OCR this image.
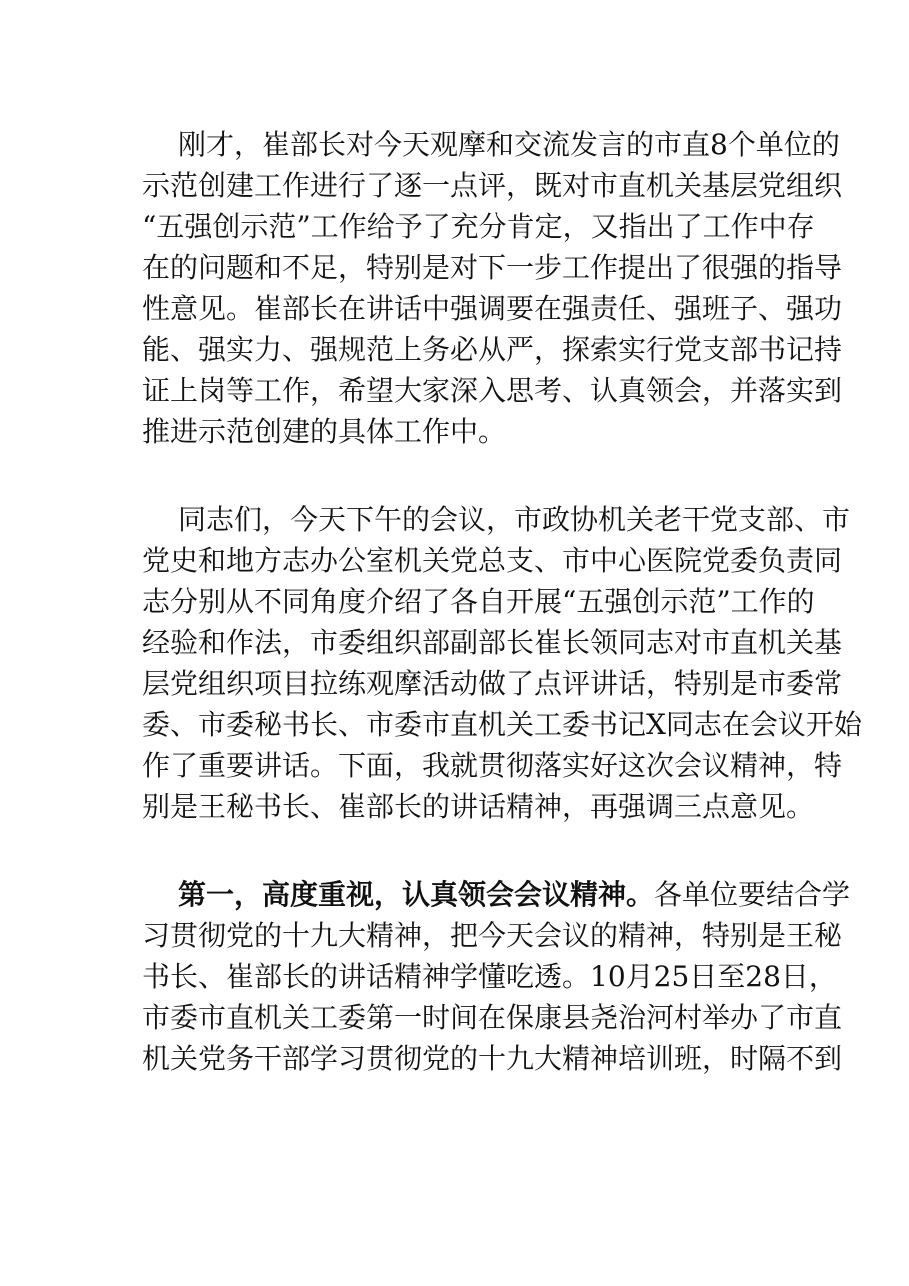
刚才，崔部长对今天观摩和交流发言的市直8个单位的
示范创建工作进行了逐一点评，既对市直机关基层党组织
“五强创示范”工作给予了充分肯定，又指出了工作中存
在的问题和不足，特别是对下一步工作提出了很强的指导
性意见。崔部长在讲话中强调要在强责任、强班子、强功
能、强实力、强规范上务必从严，探索实行党支部书记持
证上岗等工作，希望大家深入思考、认真领会，并落实到
推进示范创建的具体工作中。
同志们，今天下午的会议，市政协机关老干党支部、市
党史和地方志办公室机关党总支、市中心医院党委负责同
志分别从不同角度介绍了各自开展“五强创示范”工作的
经验和作法，市委组织部副部长崔长领同志对市直机关基
层党组织项目拉练观摩活动做了点评讲话，特别是市委常
委、市委秘书长、市委市直机关工委书记X同志在会议开始
作了重要讲话。下面，我就贯彻落实好这次会议精神，特
别是王秘书长、崔部长的讲话精神，再强调三点意见。
第一，高度重视，认真领会会议精神。各单位要结合学
习贯彻党的十九大精神，把今天会议的精神，特别是王秘
书长、崔部长的讲话精神学懂吃透。10月25日至28日，
市委市直机关工委第一时间在保康县尧治河村举办了市直
机关党务干部学习贯彻党的十九大精神培训班，时隔不到
